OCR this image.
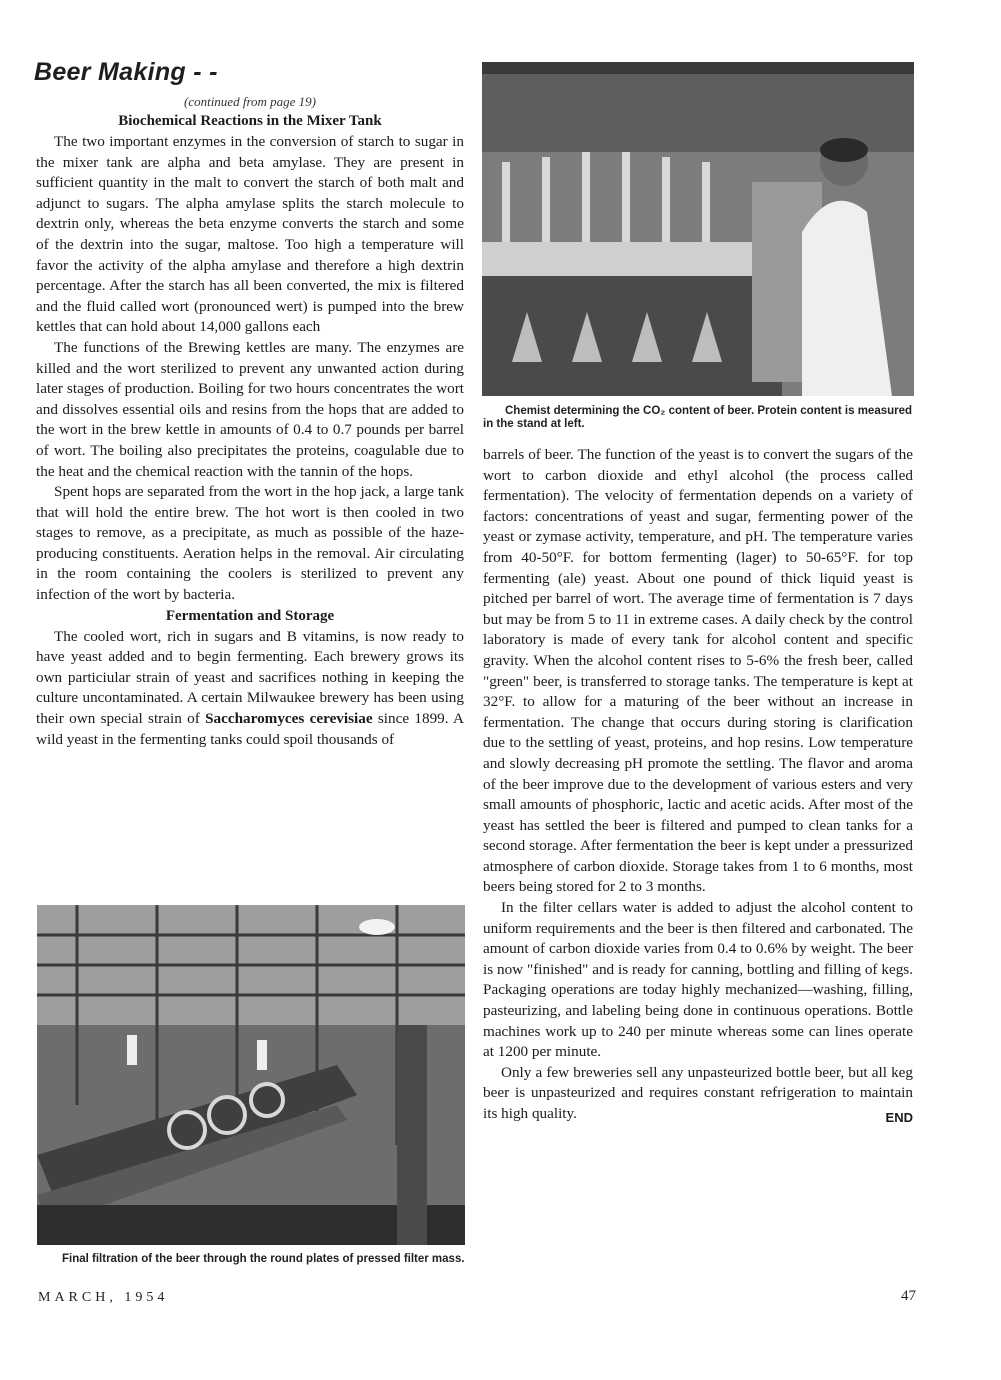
Beer Making - -
(continued from page 19)

Biochemical Reactions in the Mixer Tank

The two important enzymes in the conversion of starch to sugar in the mixer tank are alpha and beta amylase. They are present in sufficient quantity in the malt to convert the starch of both malt and adjunct to sugars. The alpha amylase splits the starch molecule to dextrin only, whereas the beta enzyme converts the starch and some of the dextrin into the sugar, maltose. Too high a temperature will favor the activity of the alpha amylase and therefore a high dextrin percentage. After the starch has all been converted, the mix is filtered and the fluid called wort (pronounced wert) is pumped into the brew kettles that can hold about 14,000 gallons each

The functions of the Brewing kettles are many. The enzymes are killed and the wort sterilized to prevent any unwanted action during later stages of production. Boiling for two hours concentrates the wort and dissolves essential oils and resins from the hops that are added to the wort in the brew kettle in amounts of 0.4 to 0.7 pounds per barrel of wort. The boiling also precipitates the proteins, coagulable due to the heat and the chemical reaction with the tannin of the hops.

Spent hops are separated from the wort in the hop jack, a large tank that will hold the entire brew. The hot wort is then cooled in two stages to remove, as a precipitate, as much as possible of the haze-producing constituents. Aeration helps in the removal. Air circulating in the room containing the coolers is sterilized to prevent any infection of the wort by bacteria.

Fermentation and Storage

The cooled wort, rich in sugars and B vitamins, is now ready to have yeast added and to begin fermenting. Each brewery grows its own particiular strain of yeast and sacrifices nothing in keeping the culture uncontaminated. A certain Milwaukee brewery has been using their own special strain of Saccharomyces cerevisiae since 1899. A wild yeast in the fermenting tanks could spoil thousands of

Chemist determining the CO₂ content of beer. Protein content is measured in the stand at left.

barrels of beer. The function of the yeast is to convert the sugars of the wort to carbon dioxide and ethyl alcohol (the process called fermentation). The velocity of fermentation depends on a variety of factors: concentrations of yeast and sugar, fermenting power of the yeast or zymase activity, temperature, and pH. The temperature varies from 40-50°F. for bottom fermenting (lager) to 50-65°F. for top fermenting (ale) yeast. About one pound of thick liquid yeast is pitched per barrel of wort. The average time of fermentation is 7 days but may be from 5 to 11 in extreme cases. A daily check by the control laboratory is made of every tank for alcohol content and specific gravity. When the alcohol content rises to 5-6% the fresh beer, called "green" beer, is transferred to storage tanks. The temperature is kept at 32°F. to allow for a maturing of the beer without an increase in fermentation. The change that occurs during storing is clarification due to the settling of yeast, proteins, and hop resins. Low temperature and slowly decreasing pH promote the settling. The flavor and aroma of the beer improve due to the development of various esters and very small amounts of phosphoric, lactic and acetic acids. After most of the yeast has settled the beer is filtered and pumped to clean tanks for a second storage. After fermentation the beer is kept under a pressurized atmosphere of carbon dioxide. Storage takes from 1 to 6 months, most beers being stored for 2 to 3 months.

In the filter cellars water is added to adjust the alcohol content to uniform requirements and the beer is then filtered and carbonated. The amount of carbon dioxide varies from 0.4 to 0.6% by weight. The beer is now "finished" and is ready for canning, bottling and filling of kegs. Packaging operations are today highly mechanized—washing, filling, pasteurizing, and labeling being done in continuous operations. Bottle machines work up to 240 per minute whereas some can lines operate at 1200 per minute.

Only a few breweries sell any unpasteurized bottle beer, but all keg beer is unpasteurized and requires constant refrigeration to maintain its high quality.	END

Final filtration of the beer through the round plates of pressed filter mass.
MARCH, 1954	47
